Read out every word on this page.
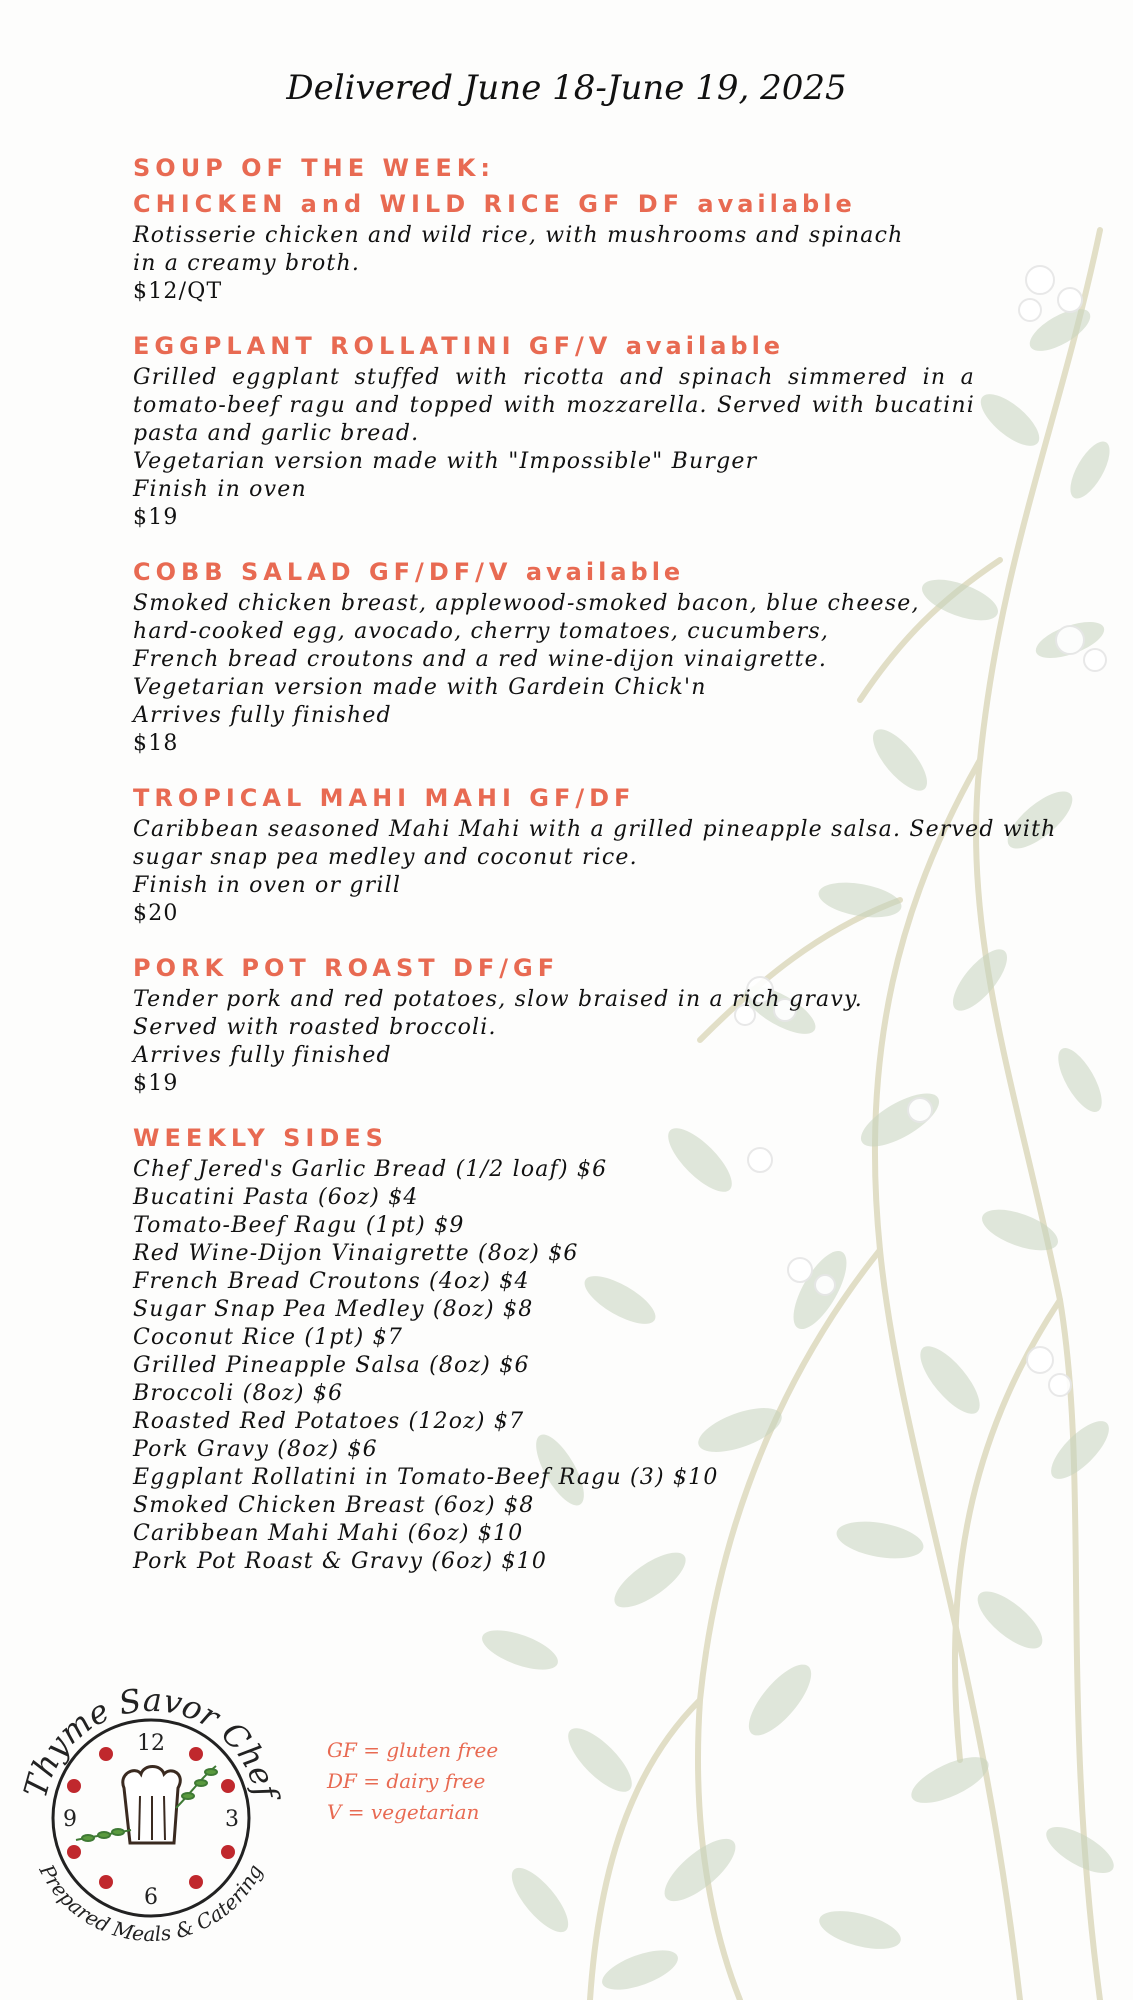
Delivered June 18-June 19, 2025
SOUP OF THE WEEK:
CHICKEN and WILD RICE GF DF available
Rotisserie chicken and wild rice, with mushrooms and spinach
in a creamy broth.
$12/QT
EGGPLANT ROLLATINI GF/V available
Grilled eggplant stuffed with ricotta and spinach simmered in a tomato-beef ragu and topped with mozzarella. Served with bucatini pasta and garlic bread.
Vegetarian version made with "Impossible" Burger
Finish in oven
$19
COBB SALAD GF/DF/V available
Smoked chicken breast, applewood-smoked bacon, blue cheese,
hard-cooked egg, avocado, cherry tomatoes, cucumbers,
French bread croutons and a red wine-dijon vinaigrette.
Vegetarian version made with Gardein Chick'n
Arrives fully finished
$18
TROPICAL MAHI MAHI GF/DF
Caribbean seasoned Mahi Mahi with a grilled pineapple salsa. Served with
sugar snap pea medley and coconut rice.
Finish in oven or grill
$20
PORK POT ROAST DF/GF
Tender pork and red potatoes, slow braised in a rich gravy.
Served with roasted broccoli.
Arrives fully finished
$19
WEEKLY SIDES
Chef Jered's Garlic Bread (1/2 loaf) $6
Bucatini Pasta (6oz) $4
Tomato-Beef Ragu (1pt) $9
Red Wine-Dijon Vinaigrette (8oz) $6
French Bread Croutons (4oz) $4
Sugar Snap Pea Medley (8oz) $8
Coconut Rice (1pt) $7
Grilled Pineapple Salsa (8oz) $6
Broccoli (8oz) $6
Roasted Red Potatoes (12oz) $7
Pork Gravy (8oz) $6
Eggplant Rollatini in Tomato-Beef Ragu (3) $10
Smoked Chicken Breast (6oz) $8
Caribbean Mahi Mahi (6oz) $10
Pork Pot Roast & Gravy (6oz) $10
Thyme Savor Chef
Prepared Meals & Catering
12
3
6
9
GF = gluten free
DF = dairy free
V = vegetarian
